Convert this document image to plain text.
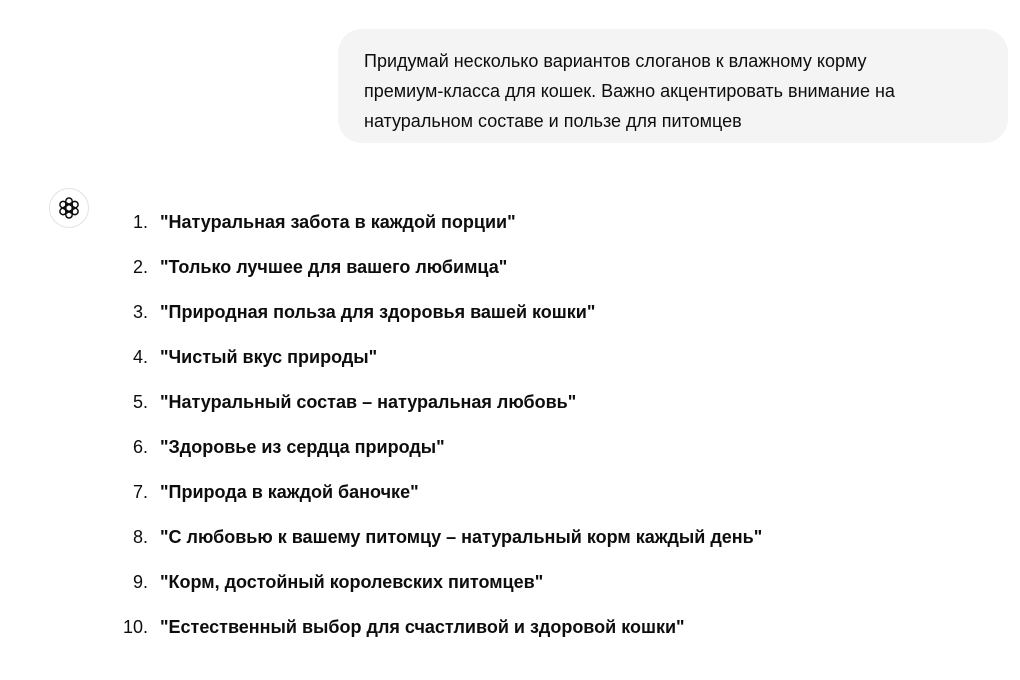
Придумай несколько вариантов слоганов к влажному корму
премиум-класса для кошек. Важно акцентировать внимание на
натуральном составе и пользе для питомцев
1. "Натуральная забота в каждой порции"
2. "Только лучшее для вашего любимца"
3. "Природная польза для здоровья вашей кошки"
4. "Чистый вкус природы"
5. "Натуральный состав – натуральная любовь"
6. "Здоровье из сердца природы"
7. "Природа в каждой баночке"
8. "С любовью к вашему питомцу – натуральный корм каждый день"
9. "Корм, достойный королевских питомцев"
10. "Естественный выбор для счастливой и здоровой кошки"
